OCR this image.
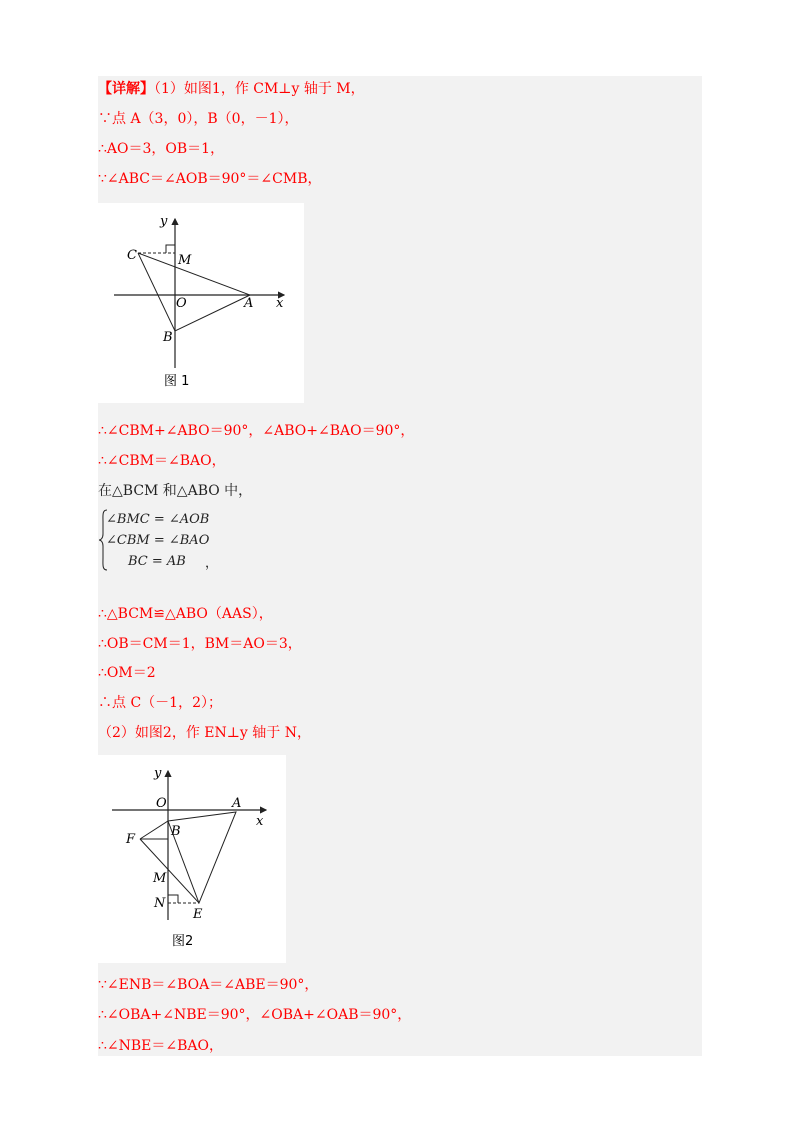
【详解】（1）如图1，作 CM⊥y 轴于 M，
∵点 A（3，0），B（0，－1），
∴AO＝3，OB＝1，
∵∠ABC＝∠AOB＝90°＝∠CMB，
y
x
C	M
O	A
B
图 1
∴∠CBM+∠ABO＝90°，∠ABO+∠BAO＝90°，
∴∠CBM＝∠BAO，
在△BCM 和△ABO 中，
∠BMC = ∠AOB
∠CBM = ∠BAO
BC = AB ，
∴△BCM≌△ABO（AAS），
∴OB＝CM＝1，BM＝AO＝3，
∴OM＝2
∴点 C（－1，2）；
（2）如图2，作 EN⊥y 轴于 N，
y
x
O	A
F
B
M
N
E
图2
∵∠ENB＝∠BOA＝∠ABE＝90°，
∴∠OBA+∠NBE＝90°，∠OBA+∠OAB＝90°，
∴∠NBE＝∠BAO，
